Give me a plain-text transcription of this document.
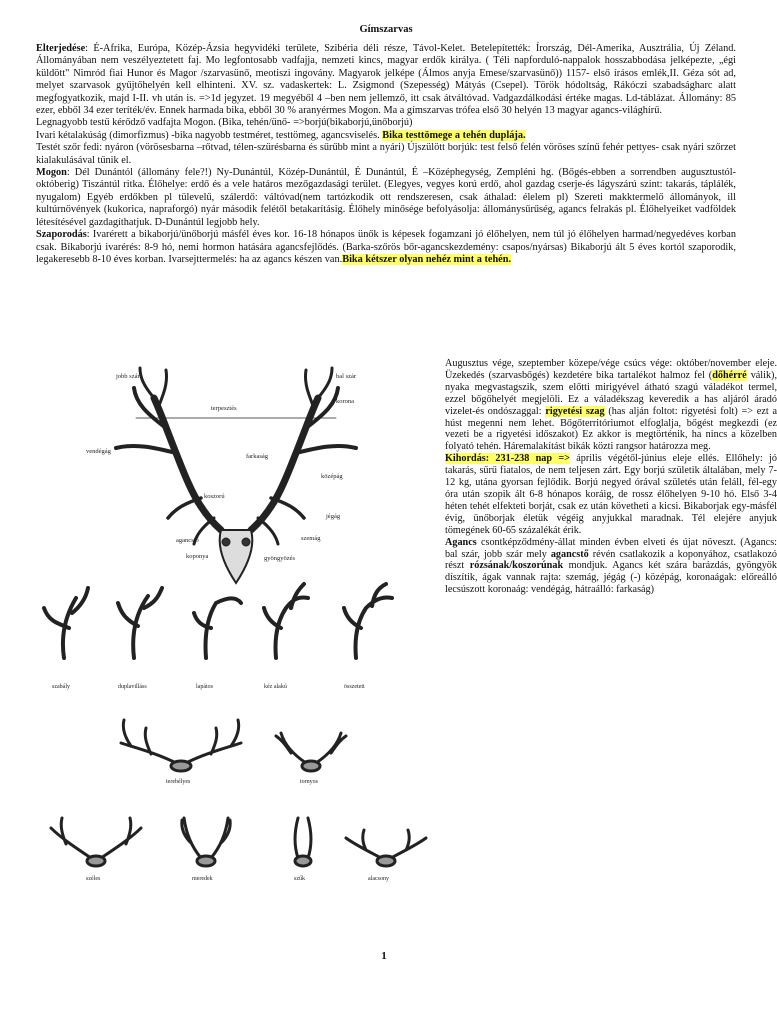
Gímszarvas

Elterjedése: É-Afrika, Európa, Közép-Ázsia hegyvidéki területe, Szibéria déli része, Távol-Kelet. Betelepítették: Írország, Dél-Amerika, Ausztrália, Új Zéland. Állományában nem veszélyeztetett faj. Mo legfontosabb vadfajja, nemzeti kincs, magyar erdők királya. ( Téli napforduló-nappalok hosszabbodása jelképezte, „égi küldött" Nimród fiai Hunor és Magor /szarvasünő, meotiszi ingovány. Magyarok jelképe (Álmos anyja Emese/szarvasünő)) 1157- első írásos emlék,II. Géza sót ad, melyet szarvasok gyűjtőhelyén kell elhinteni. XV. sz. vadaskertek: L. Zsigmond (Szepesség) Mátyás (Csepel). Török hódoltság, Rákóczi szabadságharc alatt megfogyatkozik, majd I-II. vh után is. =>1d jegyzet. 19 megyéből 4 –ben nem jellemző, itt csak átváltóvad. Vadgazdálkodási értéke magas. Ld-táblázat. Állomány: 85 ezer, ebből 34 ezer teríték/év. Ennek harmada bika, ebből 30 % aranyérmes Mogon. Ma a gímszarvas trófea első 30 helyén 13 magyar agancs-világhírű.

Legnagyobb testű kérődző vadfajta Mogon. (Bika, tehén/ünő- =>borjú(bikaborjú,ünőborjú)

Ivari kétalakúság (dimorfizmus) -bika nagyobb testméret, testtömeg, agancsviselés. Bika testtömege a tehén duplája.

Testét szőr fedi: nyáron (vörösesbarna –rőtvad, télen-szürésbarna és sűrűbb mint a nyári) Újszülött borjúk: test felső felén vöröses színű fehér pettyes- csak nyári szőrzet kialakulásával tűnik el.

Mogon: Dél Dunántól (állomány fele?!) Ny-Dunántúl, Közép-Dunántúl, É Dunántúl, É –Középhegység, Zempléni hg. (Bőgés-ebben a sorrendben augusztustól- októberig) Tiszántúl ritka. Élőhelye: erdő és a vele határos mezőgazdasági terület. (Elegyes, vegyes korú erdő, ahol gazdag cserje-és lágyszárú szint: takarás, táplálék, nyugalom) Egyéb erdőkben pl tülevelű, szálerdő: váltóvad(nem tartózkodik ott rendszeresen, csak áthalad: élelem pl) Szereti makktermelő állományok, ill kultúrnövények (kukorica, napraforgó) nyár második felétől betakarításig. Élőhely minősége befolyásolja: állománysűrűség, agancs felrakás pl. Élőhelyeiket vadföldek létesítésével gazdagíthatjuk. D-Dunántúl legjobb hely.

Szaporodás: Ivarérett a bikaborjú/ünőborjú másfél éves kor. 16-18 hónapos ünők is képesek fogamzani jó élőhelyen, nem túl jó élőhelyen harmad/negyedéves korban csak. Bikaborjú ivarérés: 8-9 hó, nemi hormon hatására agancsfejlődés. (Barka-szőrös bőr-agancskezdemény: csapos/nyársas) Bikaborjú ált 5 éves kortól szaporodik, legakeresebb 8-10 éves korban. Ivarsejttermelés: ha az agancs készen van.Bika kétszer olyan nehéz mint a tehén.

jobb szár	bal szár
terpesztés
korona
vendégág
farkaság
középág
koszorú
jégág
szemág
agancstő
gyöngyözés
koponya
szabály	duplavilláss	lapátos	kéz alakú	összetett
terebélyes	tornyos
széles	meredek	szűk	alacsony

Augusztus vége, szeptember közepe/vége csúcs vége: október/november eleje. Üzekedés (szarvasbőgés) kezdetére bika tartalékot halmoz fel (dőhérré válik), nyaka megvastagszik, szem előtti mirigyével átható szagú váladékot termel, ezzel bőgőhelyét megjelöli. Ez a váladékszag keveredik a has aljáról áradó vizelet-és ondószaggal: rigyetési szag (has alján foltot: rigyetési folt) => ezt a húst megenni nem lehet. Bőgőterritóriumot elfoglalja, bőgést megkezdi (ez vezeti be a rigyetési időszakot) Ez akkor is megtörténik, ha nincs a közelben folyató tehén. Háremalakítást bikák közti rangsor határozza meg.

Kihordás: 231-238 nap => április végétől-június eleje ellés. Ellőhely: jó takarás, sűrű fiatalos, de nem teljesen zárt. Egy borjú születik általában, mely 7-12 kg, utána gyorsan fejlődik. Borjú negyed órával születés után feláll, fél-egy óra után szopik ált 6-8 hónapos koráig, de rossz élőhelyen 9-10 hó. Első 3-4 héten tehét elfekteti borját, csak ez után követheti a kicsi. Bikaborjak egy-másfél évig, ünőborjak életük végéig anyjukkal maradnak. Tél elejére anyjuk tömegének 60-65 százalékát érik.

Agancs csontképződmény-állat minden évben elveti és újat növeszt. (Agancs: bal szár, jobb szár mely agancstő révén csatlakozik a koponyához, csatlakozó részt rózsának/koszorúnak mondjuk. Agancs két szára barázdás, gyöngyök díszítik, ágak vannak rajta: szemág, jégág (-) középág, koronaágak: előreálló lecsúszott koronaág: vendégág, hátraálló: farkaság)

1
